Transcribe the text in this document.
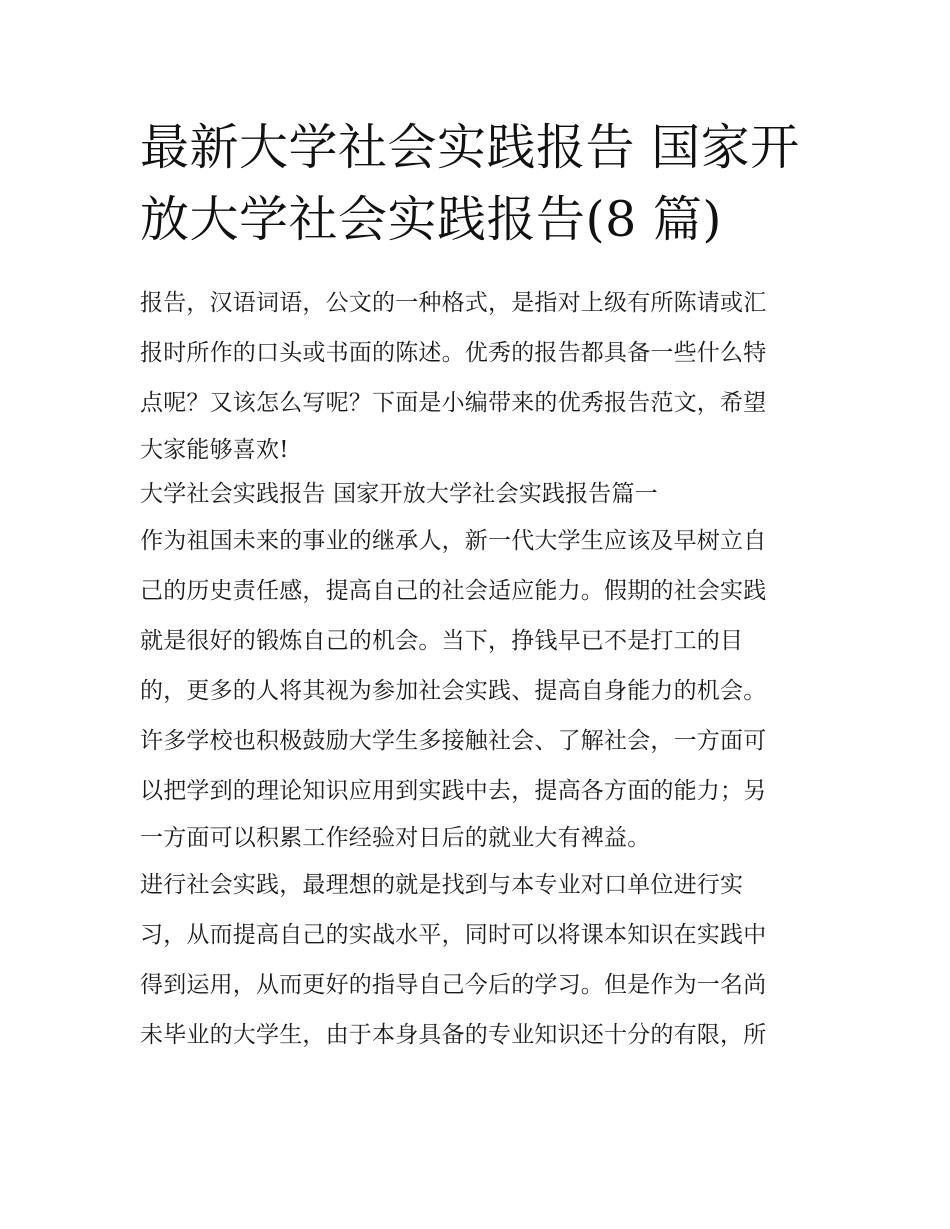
最新大学社会实践报告 国家开
放大学社会实践报告(8 篇)

报告，汉语词语，公文的一种格式，是指对上级有所陈请或汇

报时所作的口头或书面的陈述。优秀的报告都具备一些什么特

点呢？又该怎么写呢？下面是小编带来的优秀报告范文，希望

大家能够喜欢!

大学社会实践报告 国家开放大学社会实践报告篇一

作为祖国未来的事业的继承人，新一代大学生应该及早树立自

己的历史责任感，提高自己的社会适应能力。假期的社会实践

就是很好的锻炼自己的机会。当下，挣钱早已不是打工的目

的，更多的人将其视为参加社会实践、提高自身能力的机会。

许多学校也积极鼓励大学生多接触社会、了解社会，一方面可

以把学到的理论知识应用到实践中去，提高各方面的能力；另

一方面可以积累工作经验对日后的就业大有裨益。

进行社会实践，最理想的就是找到与本专业对口单位进行实

习，从而提高自己的实战水平，同时可以将课本知识在实践中

得到运用，从而更好的指导自己今后的学习。但是作为一名尚

未毕业的大学生，由于本身具备的专业知识还十分的有限，所
